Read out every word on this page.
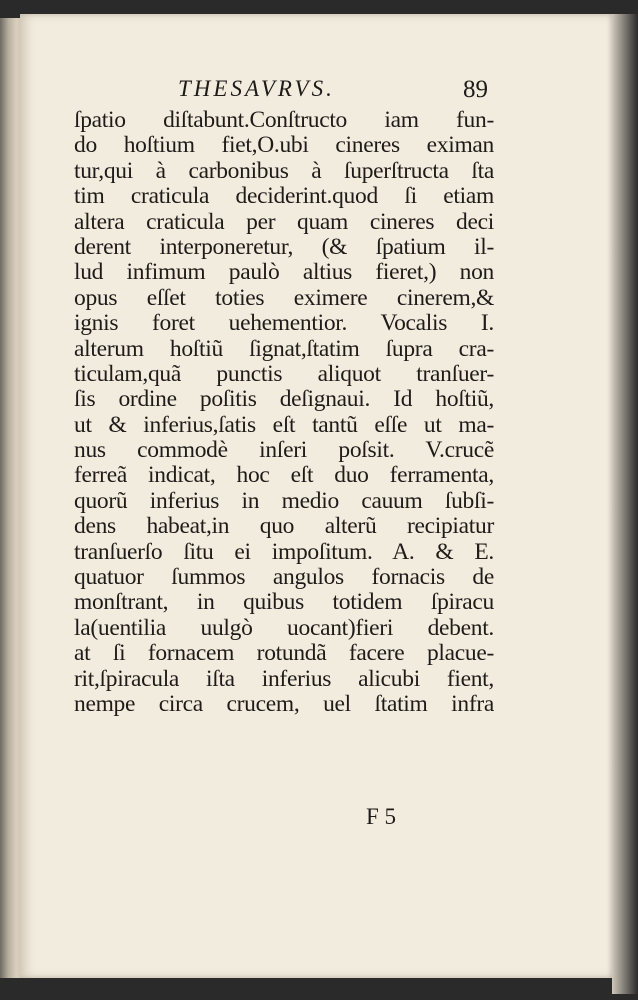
THESAVRVS.	89
ſpatio diſtabunt.Conſtructo iam fun-
do hoſtium fiet,O.ubi cineres eximan
tur,qui à carbonibus à ſuperſtructa ſta
tim craticula deciderint.quod ſi etiam
altera craticula per quam cineres deci
derent interponeretur, (& ſpatium il-
lud infimum paulò altius fieret,) non
opus eſſet toties eximere cinerem,&
ignis foret uehementior. Vocalis I.
alterum hoſtiũ ſignat,ſtatim ſupra cra-
ticulam,quã punctis aliquot tranſuer-
ſis ordine poſitis deſignaui. Id hoſtiũ,
ut & inferius,ſatis eſt tantũ eſſe ut ma-
nus commodè inſeri poſsit. V.crucẽ
ferreã indicat, hoc eſt duo ferramenta,
quorũ inferius in medio cauum ſubſi-
dens habeat,in quo alterũ recipiatur
tranſuerſo ſitu ei impoſitum. A. & E.
quatuor ſummos angulos fornacis de
monſtrant, in quibus totidem ſpiracu
la(uentilia uulgò uocant)fieri debent.
at ſi fornacem rotundã facere placue-
rit,ſpiracula iſta inferius alicubi fient,
nempe circa crucem, uel ſtatim infra
F 5
